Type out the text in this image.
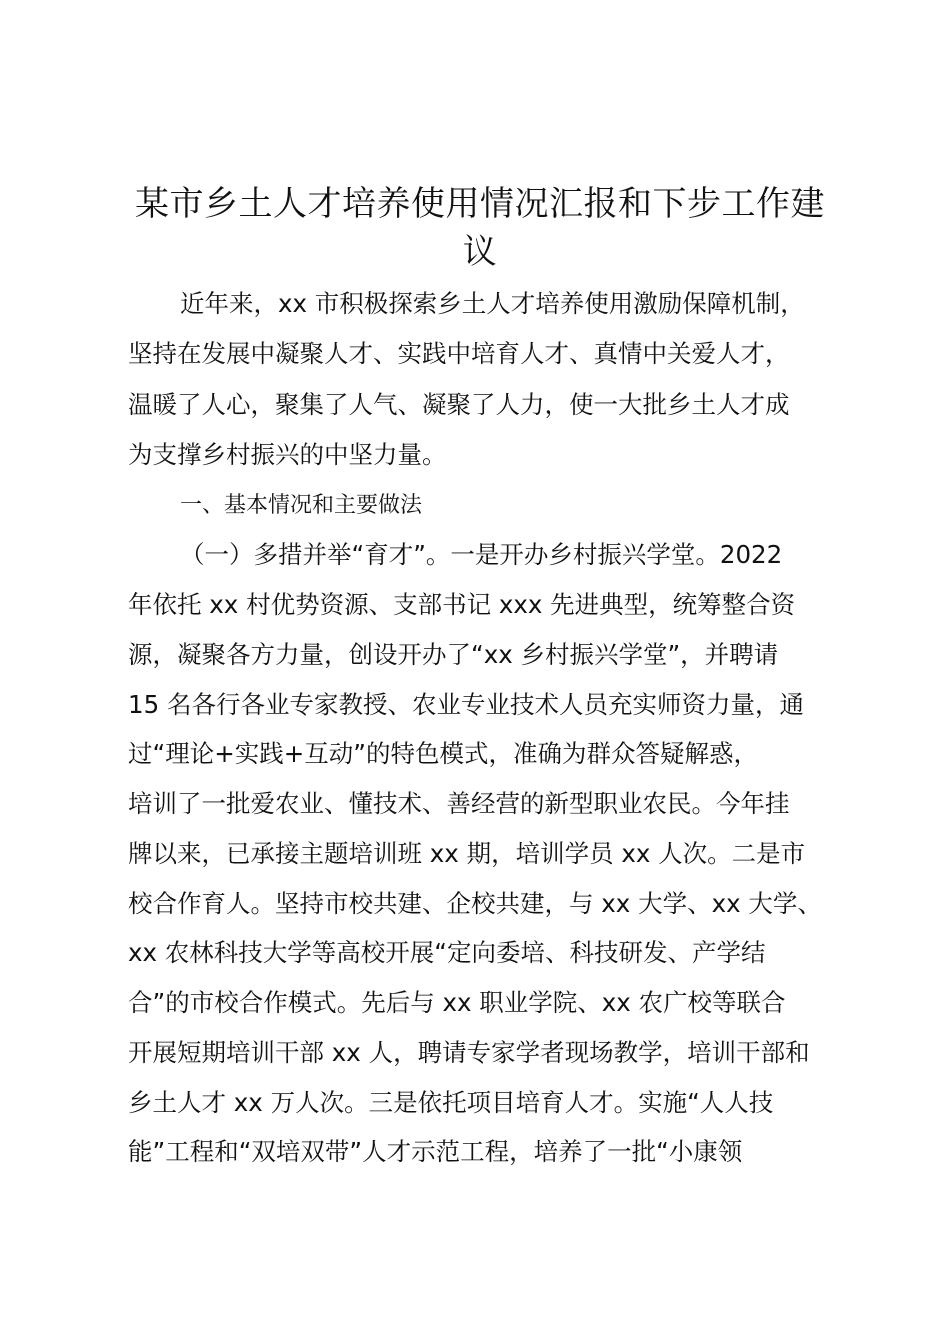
某市乡土人才培养使用情况汇报和下步工作建议
近年来，xx 市积极探索乡土人才培养使用激励保障机制，
坚持在发展中凝聚人才、实践中培育人才、真情中关爱人才，
温暖了人心，聚集了人气、凝聚了人力，使一大批乡土人才成
为支撑乡村振兴的中坚力量。
一、基本情况和主要做法
（一）多措并举“育才”。一是开办乡村振兴学堂。2022
年依托 xx 村优势资源、支部书记 xxx 先进典型，统筹整合资
源，凝聚各方力量，创设开办了“xx 乡村振兴学堂”，并聘请
15 名各行各业专家教授、农业专业技术人员充实师资力量，通
过“理论+实践+互动”的特色模式，准确为群众答疑解惑，
培训了一批爱农业、懂技术、善经营的新型职业农民。今年挂
牌以来，已承接主题培训班 xx 期，培训学员 xx 人次。二是市
校合作育人。坚持市校共建、企校共建，与 xx 大学、xx 大学、
xx 农林科技大学等高校开展“定向委培、科技研发、产学结
合”的市校合作模式。先后与 xx 职业学院、xx 农广校等联合
开展短期培训干部 xx 人，聘请专家学者现场教学，培训干部和
乡土人才 xx 万人次。三是依托项目培育人才。实施“人人技
能”工程和“双培双带”人才示范工程，培养了一批“小康领
